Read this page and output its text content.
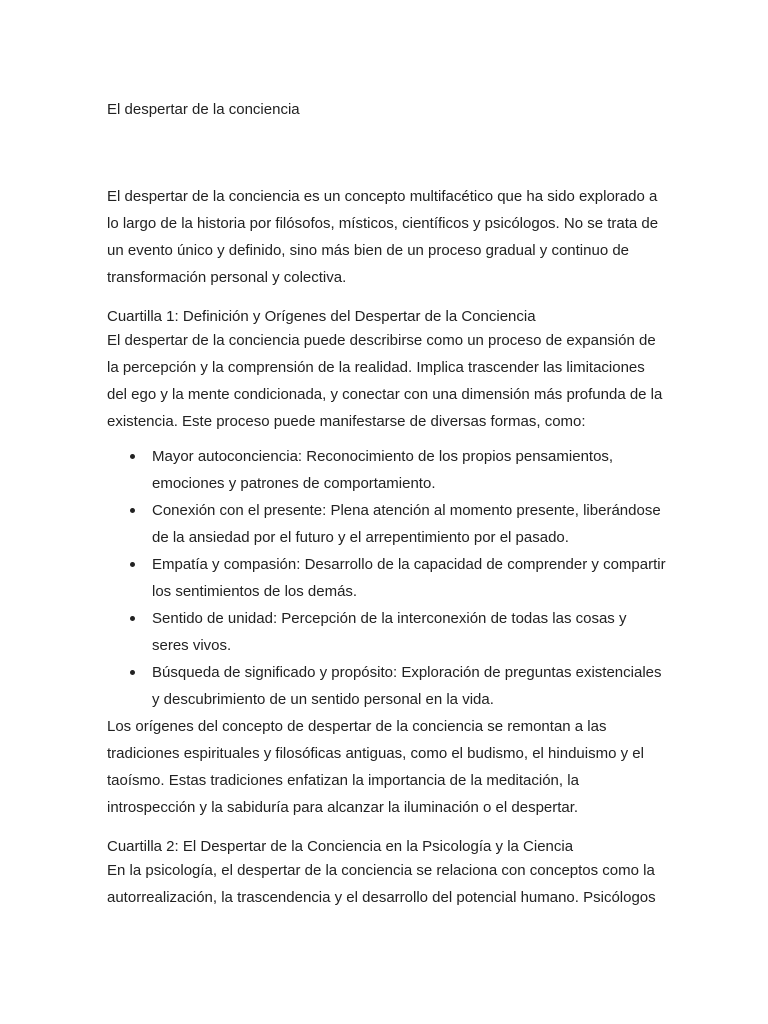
El despertar de la conciencia

El despertar de la conciencia es un concepto multifacético que ha sido explorado a lo largo de la historia por filósofos, místicos, científicos y psicólogos. No se trata de un evento único y definido, sino más bien de un proceso gradual y continuo de transformación personal y colectiva.

Cuartilla 1: Definición y Orígenes del Despertar de la Conciencia

El despertar de la conciencia puede describirse como un proceso de expansión de la percepción y la comprensión de la realidad. Implica trascender las limitaciones del ego y la mente condicionada, y conectar con una dimensión más profunda de la existencia. Este proceso puede manifestarse de diversas formas, como:

Mayor autoconciencia: Reconocimiento de los propios pensamientos, emociones y patrones de comportamiento.
Conexión con el presente: Plena atención al momento presente, liberándose de la ansiedad por el futuro y el arrepentimiento por el pasado.
Empatía y compasión: Desarrollo de la capacidad de comprender y compartir los sentimientos de los demás.
Sentido de unidad: Percepción de la interconexión de todas las cosas y seres vivos.
Búsqueda de significado y propósito: Exploración de preguntas existenciales y descubrimiento de un sentido personal en la vida.

Los orígenes del concepto de despertar de la conciencia se remontan a las tradiciones espirituales y filosóficas antiguas, como el budismo, el hinduismo y el taoísmo. Estas tradiciones enfatizan la importancia de la meditación, la introspección y la sabiduría para alcanzar la iluminación o el despertar.

Cuartilla 2: El Despertar de la Conciencia en la Psicología y la Ciencia

En la psicología, el despertar de la conciencia se relaciona con conceptos como la autorrealización, la trascendencia y el desarrollo del potencial humano. Psicólogos
